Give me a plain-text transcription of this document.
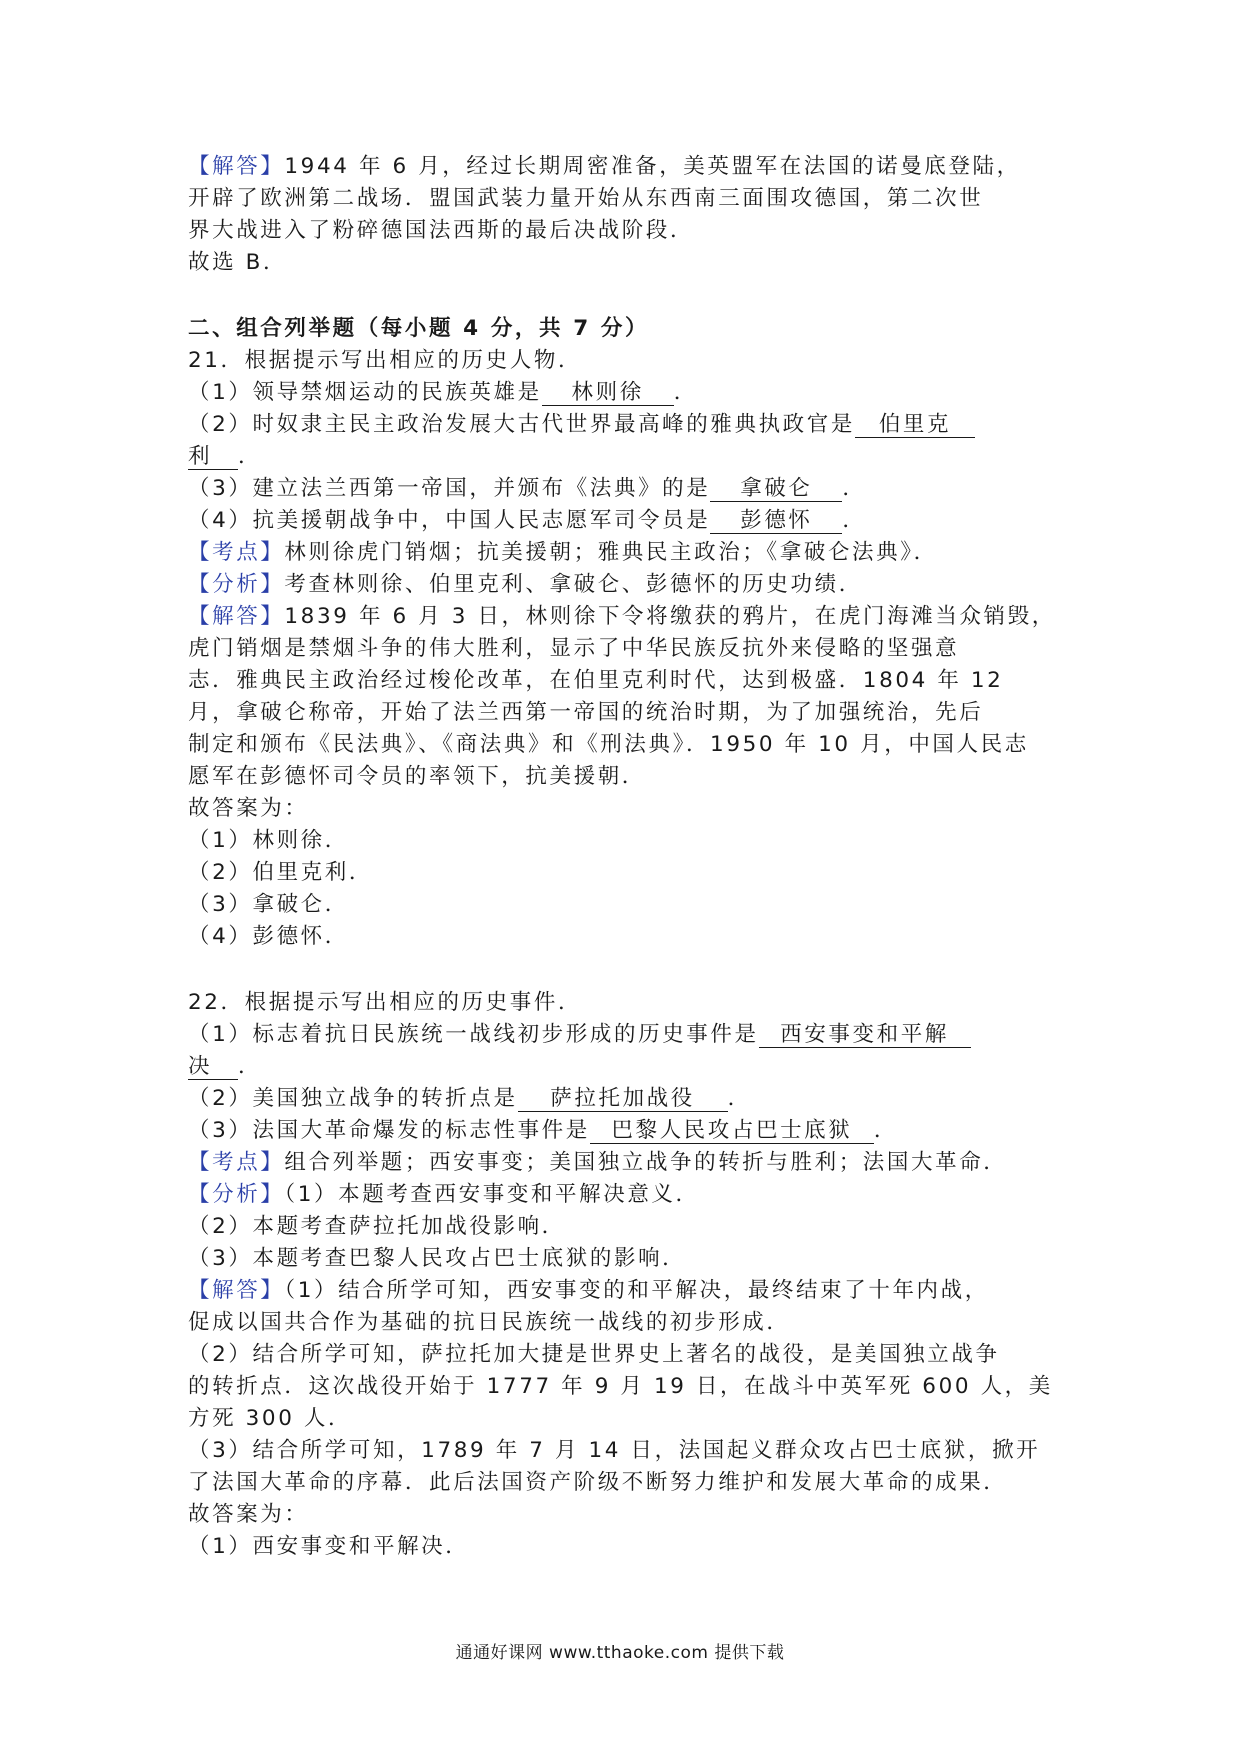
【解答】1944 年 6 月，经过长期周密准备，美英盟军在法国的诺曼底登陆，
开辟了欧洲第二战场．盟国武装力量开始从东西南三面围攻德国，第二次世
界大战进入了粉碎德国法西斯的最后决战阶段．
故选 B．
二、组合列举题（每小题 4 分，共 7 分）
21．根据提示写出相应的历史人物．
（1）领导禁烟运动的民族英雄是 林则徐 ．
（2）时奴隶主民主政治发展大古代世界最高峰的雅典执政官是 伯里克
利 ．
（3）建立法兰西第一帝国，并颁布《法典》的是 拿破仑 ．
（4）抗美援朝战争中，中国人民志愿军司令员是 彭德怀 ．
【考点】林则徐虎门销烟；抗美援朝；雅典民主政治；《拿破仑法典》．
【分析】考查林则徐、伯里克利、拿破仑、彭德怀的历史功绩．
【解答】1839 年 6 月 3 日，林则徐下令将缴获的鸦片，在虎门海滩当众销毁，
虎门销烟是禁烟斗争的伟大胜利，显示了中华民族反抗外来侵略的坚强意
志．雅典民主政治经过梭伦改革，在伯里克利时代，达到极盛．1804 年 12
月，拿破仑称帝，开始了法兰西第一帝国的统治时期，为了加强统治，先后
制定和颁布《民法典》、《商法典》和《刑法典》．1950 年 10 月，中国人民志
愿军在彭德怀司令员的率领下，抗美援朝．
故答案为：
（1）林则徐．
（2）伯里克利．
（3）拿破仑．
（4）彭德怀．
22．根据提示写出相应的历史事件．
（1）标志着抗日民族统一战线初步形成的历史事件是 西安事变和平解
决 ．
（2）美国独立战争的转折点是 萨拉托加战役 ．
（3）法国大革命爆发的标志性事件是 巴黎人民攻占巴士底狱 ．
【考点】组合列举题；西安事变；美国独立战争的转折与胜利；法国大革命．
【分析】（1）本题考查西安事变和平解决意义．
（2）本题考查萨拉托加战役影响．
（3）本题考查巴黎人民攻占巴士底狱的影响．
【解答】（1）结合所学可知，西安事变的和平解决，最终结束了十年内战，
促成以国共合作为基础的抗日民族统一战线的初步形成．
（2）结合所学可知，萨拉托加大捷是世界史上著名的战役，是美国独立战争
的转折点．这次战役开始于 1777 年 9 月 19 日，在战斗中英军死 600 人，美
方死 300 人．
（3）结合所学可知，1789 年 7 月 14 日，法国起义群众攻占巴士底狱，掀开
了法国大革命的序幕．此后法国资产阶级不断努力维护和发展大革命的成果．
故答案为：
（1）西安事变和平解决．
通通好课网 www.tthaoke.com 提供下载
